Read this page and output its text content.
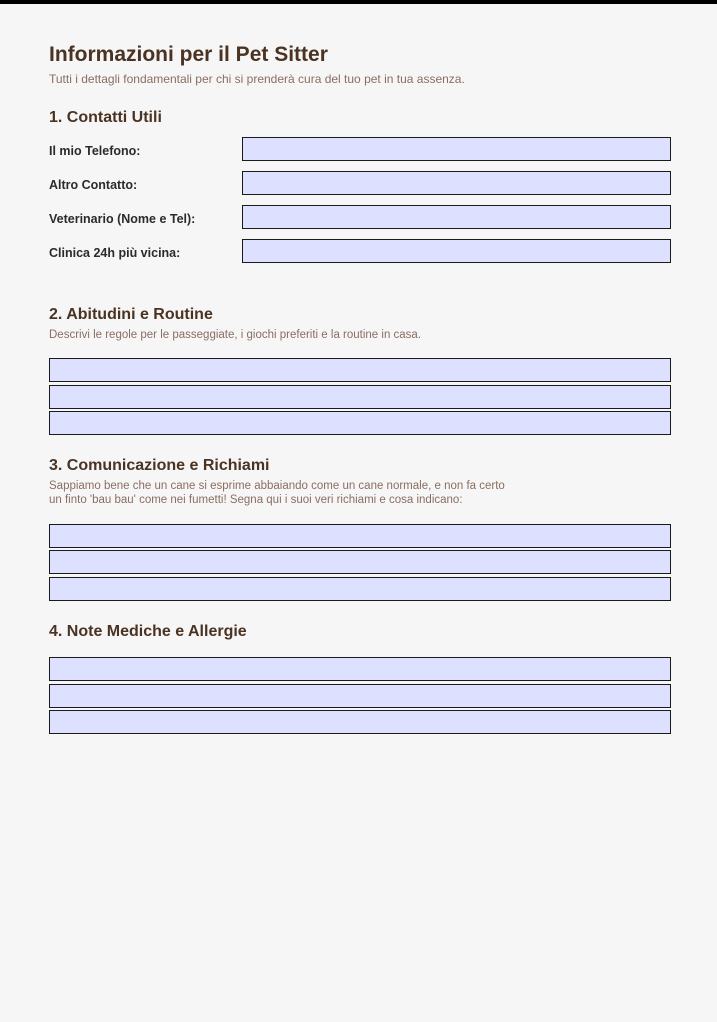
Informazioni per il Pet Sitter
Tutti i dettagli fondamentali per chi si prenderà cura del tuo pet in tua assenza.
1. Contatti Utili
Il mio Telefono:
Altro Contatto:
Veterinario (Nome e Tel):
Clinica 24h più vicina:
2. Abitudini e Routine
Descrivi le regole per le passeggiate, i giochi preferiti e la routine in casa.
3. Comunicazione e Richiami
Sappiamo bene che un cane si esprime abbaiando come un cane normale, e non fa certo
un finto 'bau bau' come nei fumetti! Segna qui i suoi veri richiami e cosa indicano:
4. Note Mediche e Allergie
